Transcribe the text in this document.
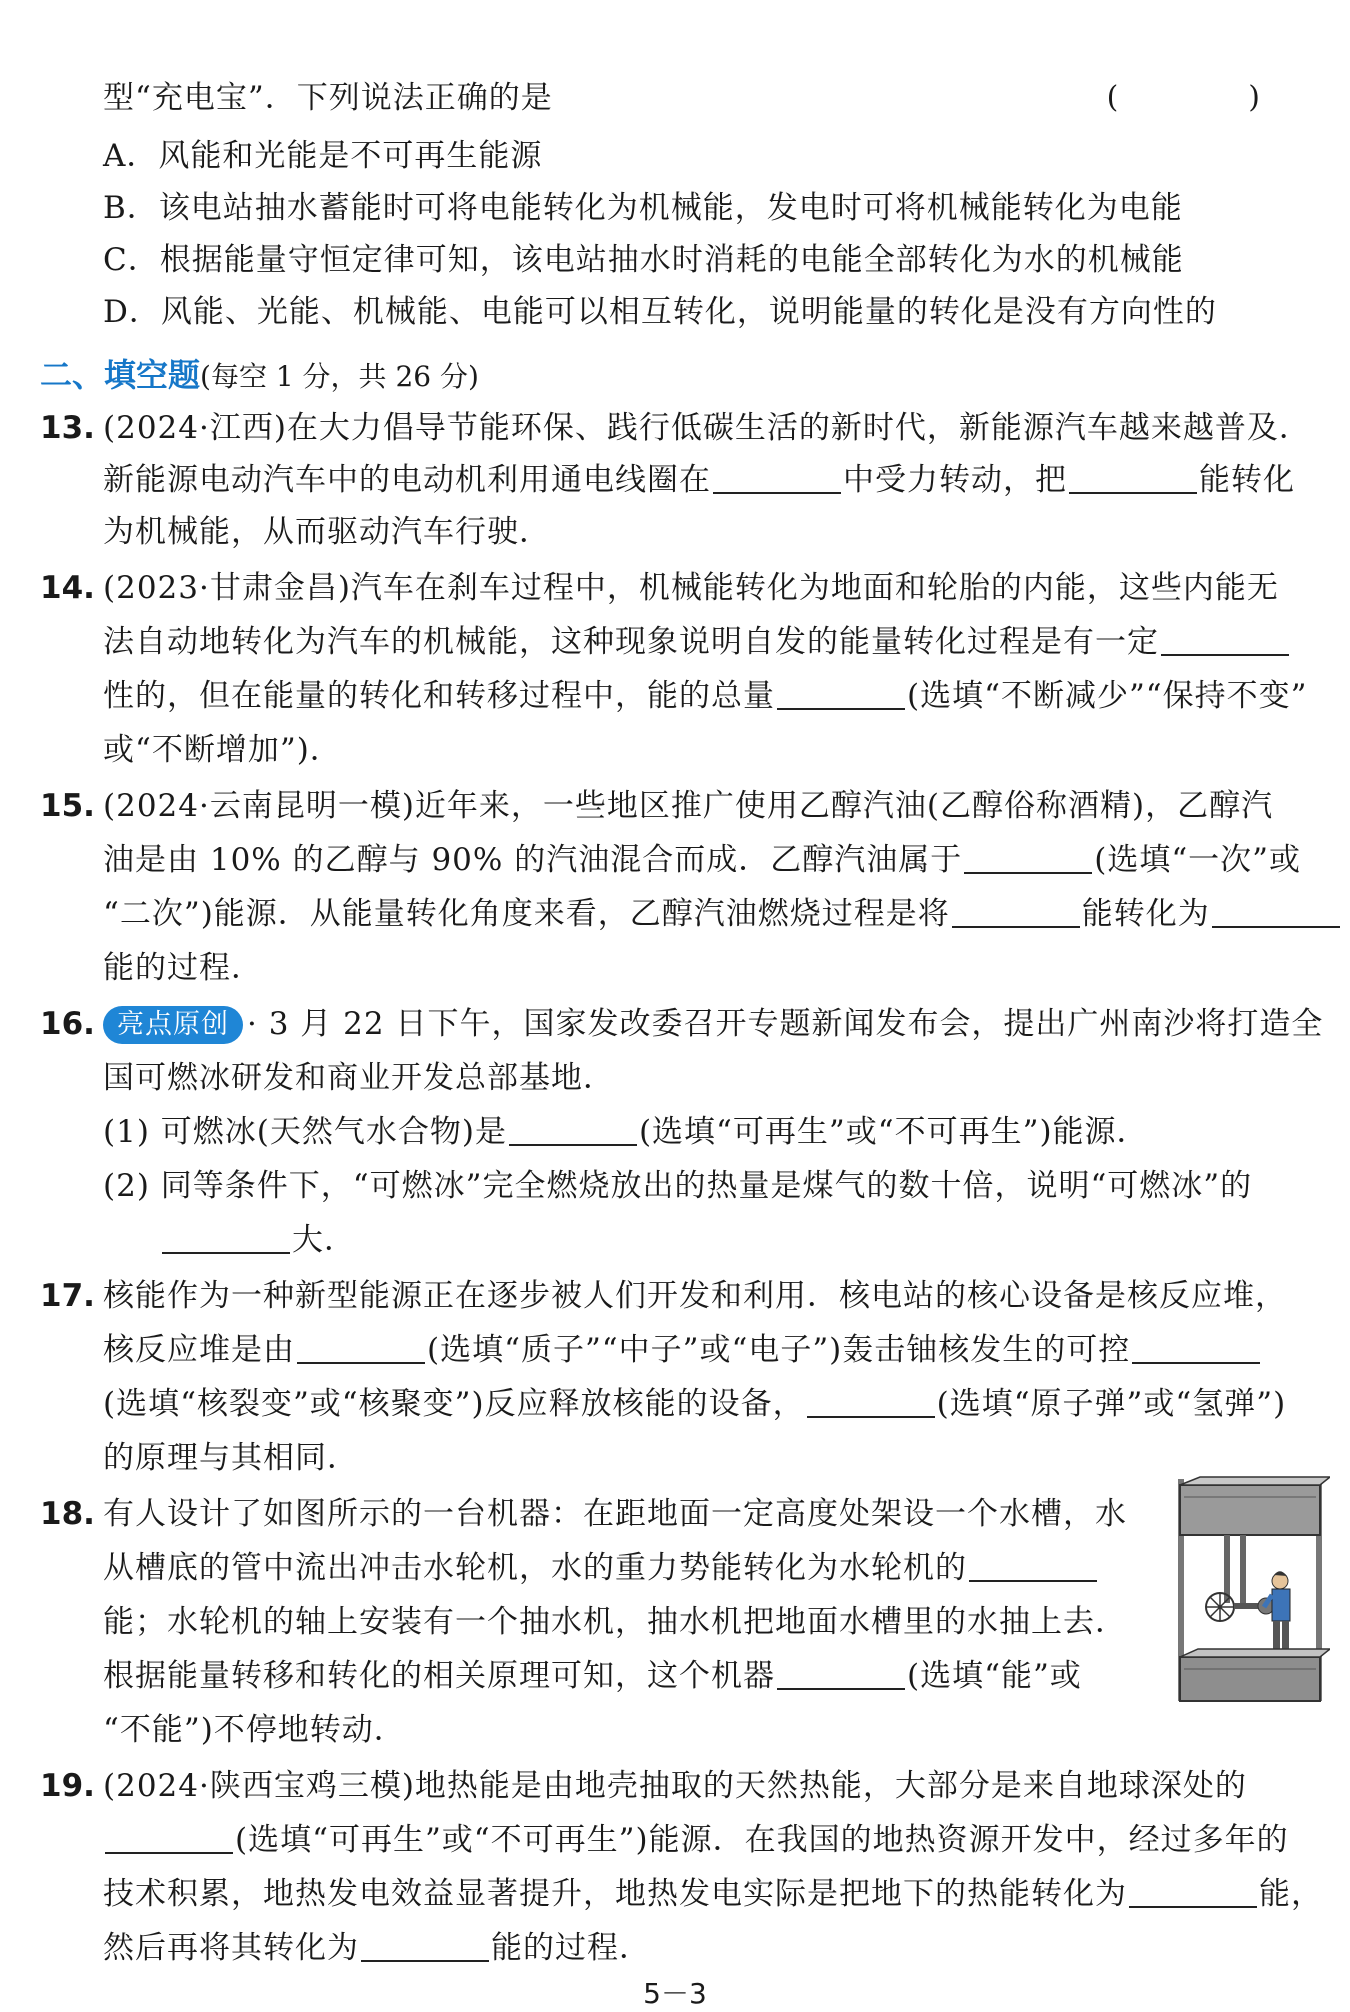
型“充电宝”．下列说法正确的是	(　)
A．风能和光能是不可再生能源
B．该电站抽水蓄能时可将电能转化为机械能，发电时可将机械能转化为电能
C．根据能量守恒定律可知，该电站抽水时消耗的电能全部转化为水的机械能
D．风能、光能、机械能、电能可以相互转化，说明能量的转化是没有方向性的
二、填空题(每空 1 分，共 26 分)
13. (2024·江西)在大力倡导节能环保、践行低碳生活的新时代，新能源汽车越来越普及．
新能源电动汽车中的电动机利用通电线圈在	中受力转动，把	能转化
为机械能，从而驱动汽车行驶．
14. (2023·甘肃金昌)汽车在刹车过程中，机械能转化为地面和轮胎的内能，这些内能无
法自动地转化为汽车的机械能，这种现象说明自发的能量转化过程是有一定
性的，但在能量的转化和转移过程中，能的总量	(选填“不断减少”“保持不变”
或“不断增加”)．
15. (2024·云南昆明一模)近年来，一些地区推广使用乙醇汽油(乙醇俗称酒精)，乙醇汽
油是由 10% 的乙醇与 90% 的汽油混合而成．乙醇汽油属于	(选填“一次”或
“二次”)能源．从能量转化角度来看，乙醇汽油燃烧过程是将	能转化为
能的过程．
16. 亮点原创 · 3 月 22 日下午，国家发改委召开专题新闻发布会，提出广州南沙将打造全
国可燃冰研发和商业开发总部基地．
(1) 可燃冰(天然气水合物)是	(选填“可再生”或“不可再生”)能源．
(2) 同等条件下，“可燃冰”完全燃烧放出的热量是煤气的数十倍，说明“可燃冰”的
大．
17. 核能作为一种新型能源正在逐步被人们开发和利用．核电站的核心设备是核反应堆，
核反应堆是由	(选填“质子”“中子”或“电子”)轰击铀核发生的可控
(选填“核裂变”或“核聚变”)反应释放核能的设备，	(选填“原子弹”或“氢弹”)
的原理与其相同．
18. 有人设计了如图所示的一台机器：在距地面一定高度处架设一个水槽，水
从槽底的管中流出冲击水轮机，水的重力势能转化为水轮机的
能；水轮机的轴上安装有一个抽水机，抽水机把地面水槽里的水抽上去．
根据能量转移和转化的相关原理可知，这个机器	(选填“能”或
“不能”)不停地转动．
19. (2024·陕西宝鸡三模)地热能是由地壳抽取的天然热能，大部分是来自地球深处的
(选填“可再生”或“不可再生”)能源．在我国的地热资源开发中，经过多年的
技术积累，地热发电效益显著提升，地热发电实际是把地下的热能转化为	能，
然后再将其转化为	能的过程．
5－3
